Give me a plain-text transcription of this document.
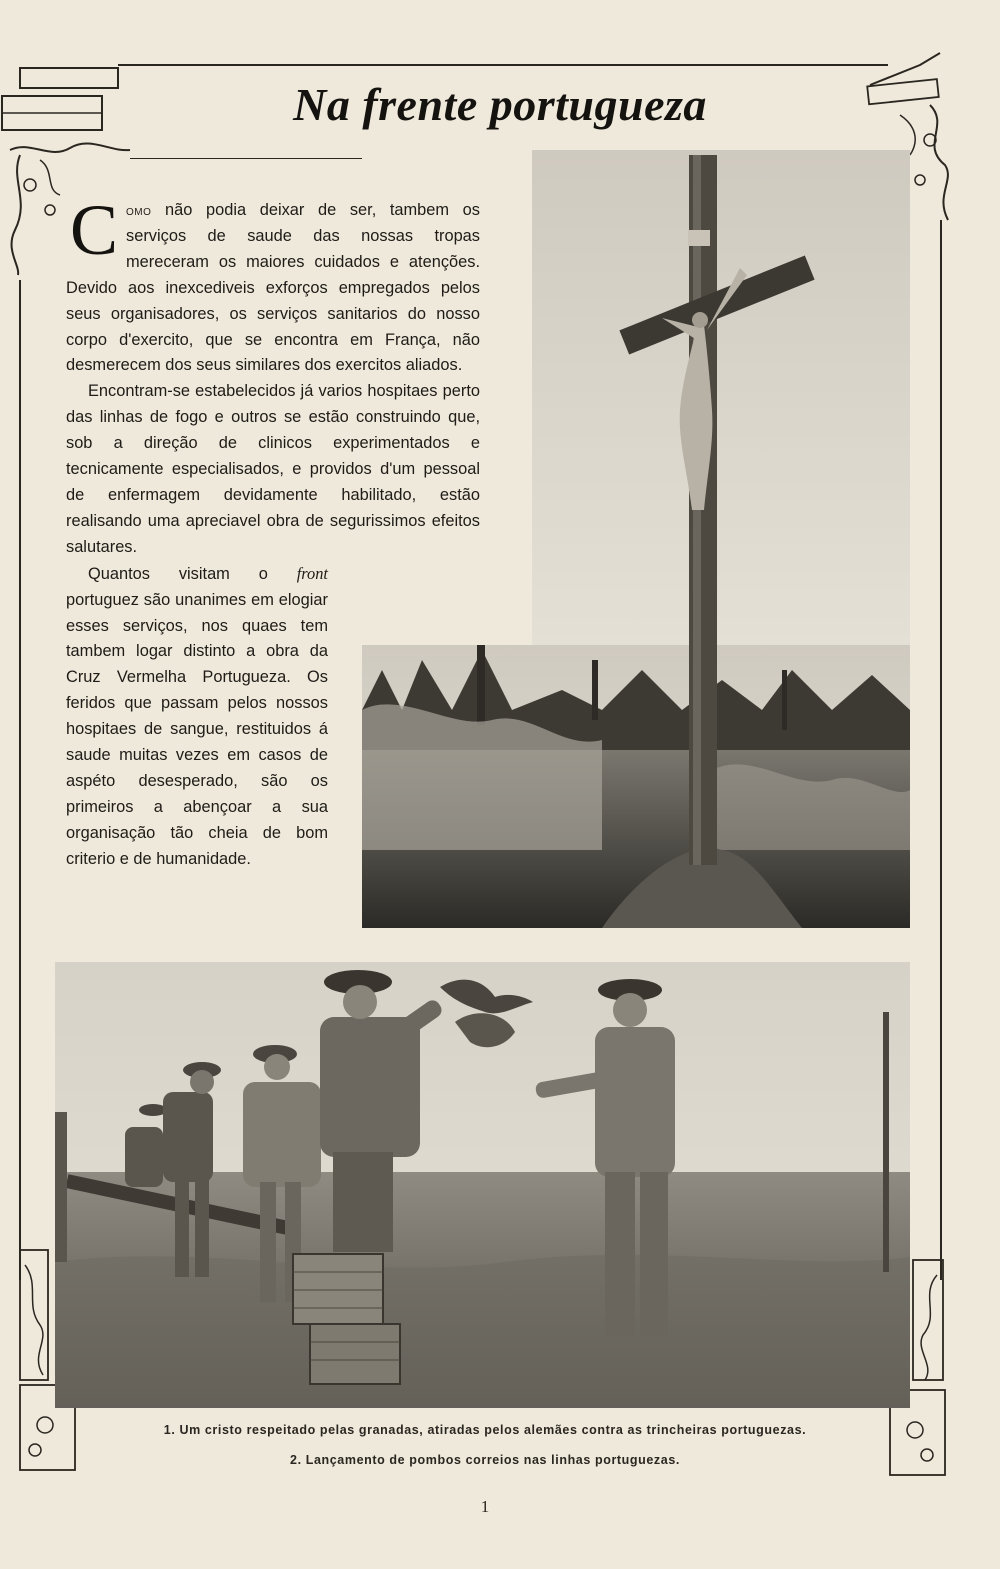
Na frente portugueza

Como não podia deixar de ser, tambem os serviços de saude das nossas tropas mereceram os maiores cuidados e atenções. Devido aos inexcediveis exforços empregados pelos seus organisadores, os serviços sanitarios do nosso corpo d'exercito, que se encontra em França, não desmerecem dos seus similares dos exercitos aliados.

Encontram-se estabelecidos já varios hospitaes perto das linhas de fogo e outros se estão construindo que, sob a direção de clinicos experimentados e tecnicamente especialisados, e providos d'um pessoal de enfermagem devidamente habilitado, estão realisando uma apreciavel obra de segurissimos efeitos salutares.

Quantos visitam o front portuguez são unanimes em elogiar esses serviços, nos quaes tem tambem logar distinto a obra da Cruz Vermelha Portugueza. Os feridos que passam pelos nossos hospitaes de sangue, restituidos á saude muitas vezes em casos de aspéto desesperado, são os primeiros a abençoar a sua organisação tão cheia de bom criterio e de humanidade.

1. Um cristo respeitado pelas granadas, atiradas pelos alemães contra as trincheiras portuguezas.

2. Lançamento de pombos correios nas linhas portuguezas.

1
